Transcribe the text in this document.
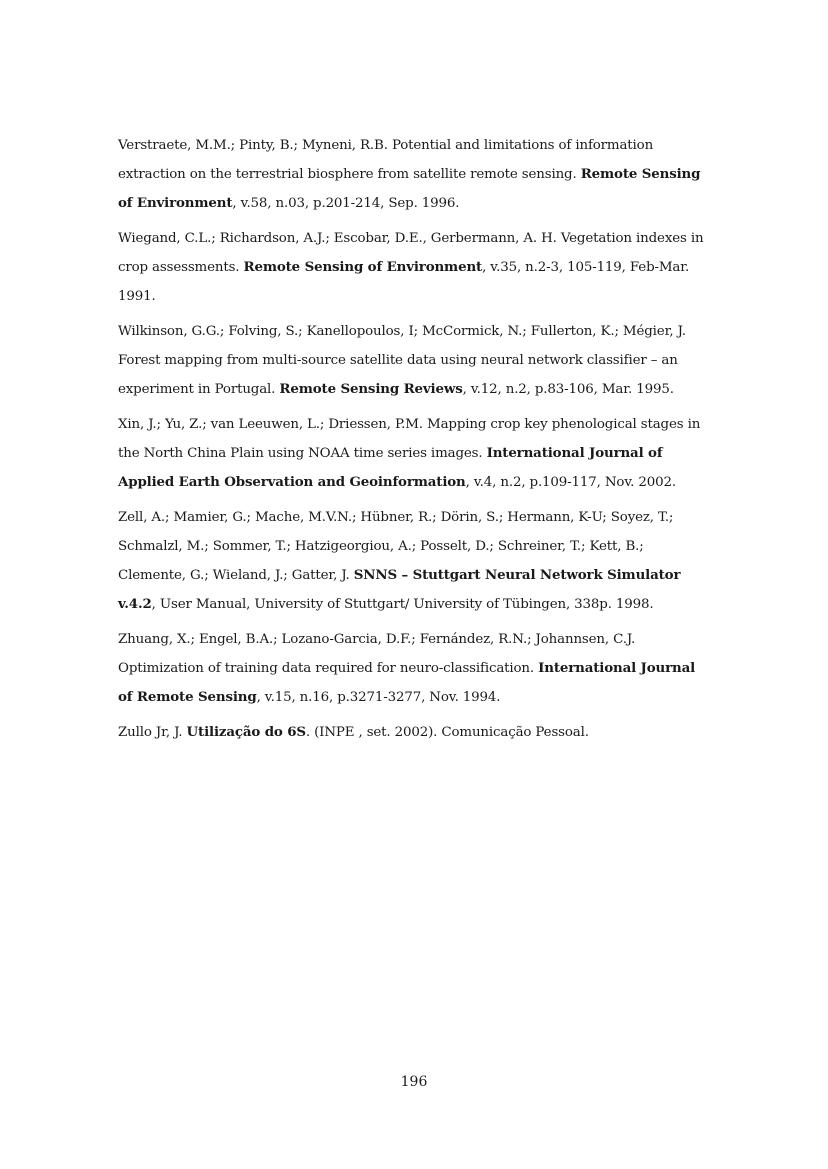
Verstraete, M.M.; Pinty, B.; Myneni, R.B. Potential and limitations of information extraction on the terrestrial biosphere from satellite remote sensing. Remote Sensing of Environment, v.58, n.03, p.201-214, Sep. 1996.

Wiegand, C.L.; Richardson, A.J.; Escobar, D.E., Gerbermann, A. H. Vegetation indexes in crop assessments. Remote Sensing of Environment, v.35, n.2-3, 105-119, Feb-Mar. 1991.

Wilkinson, G.G.; Folving, S.; Kanellopoulos, I; McCormick, N.; Fullerton, K.; Mégier, J. Forest mapping from multi-source satellite data using neural network classifier – an experiment in Portugal. Remote Sensing Reviews, v.12, n.2, p.83-106, Mar. 1995.

Xin, J.; Yu, Z.; van Leeuwen, L.; Driessen, P.M. Mapping crop key phenological stages in the North China Plain using NOAA time series images. International Journal of Applied Earth Observation and Geoinformation, v.4, n.2, p.109-117, Nov. 2002.

Zell, A.; Mamier, G.; Mache, M.V.N.; Hübner, R.; Dörin, S.; Hermann, K-U; Soyez, T.; Schmalzl, M.; Sommer, T.; Hatzigeorgiou, A.; Posselt, D.; Schreiner, T.; Kett, B.; Clemente, G.; Wieland, J.; Gatter, J. SNNS – Stuttgart Neural Network Simulator v.4.2, User Manual, University of Stuttgart/ University of Tübingen, 338p. 1998.

Zhuang, X.; Engel, B.A.; Lozano-Garcia, D.F.; Fernández, R.N.; Johannsen, C.J. Optimization of training data required for neuro-classification. International Journal of Remote Sensing, v.15, n.16, p.3271-3277, Nov. 1994.

Zullo Jr, J. Utilização do 6S. (INPE , set. 2002). Comunicação Pessoal.

196
